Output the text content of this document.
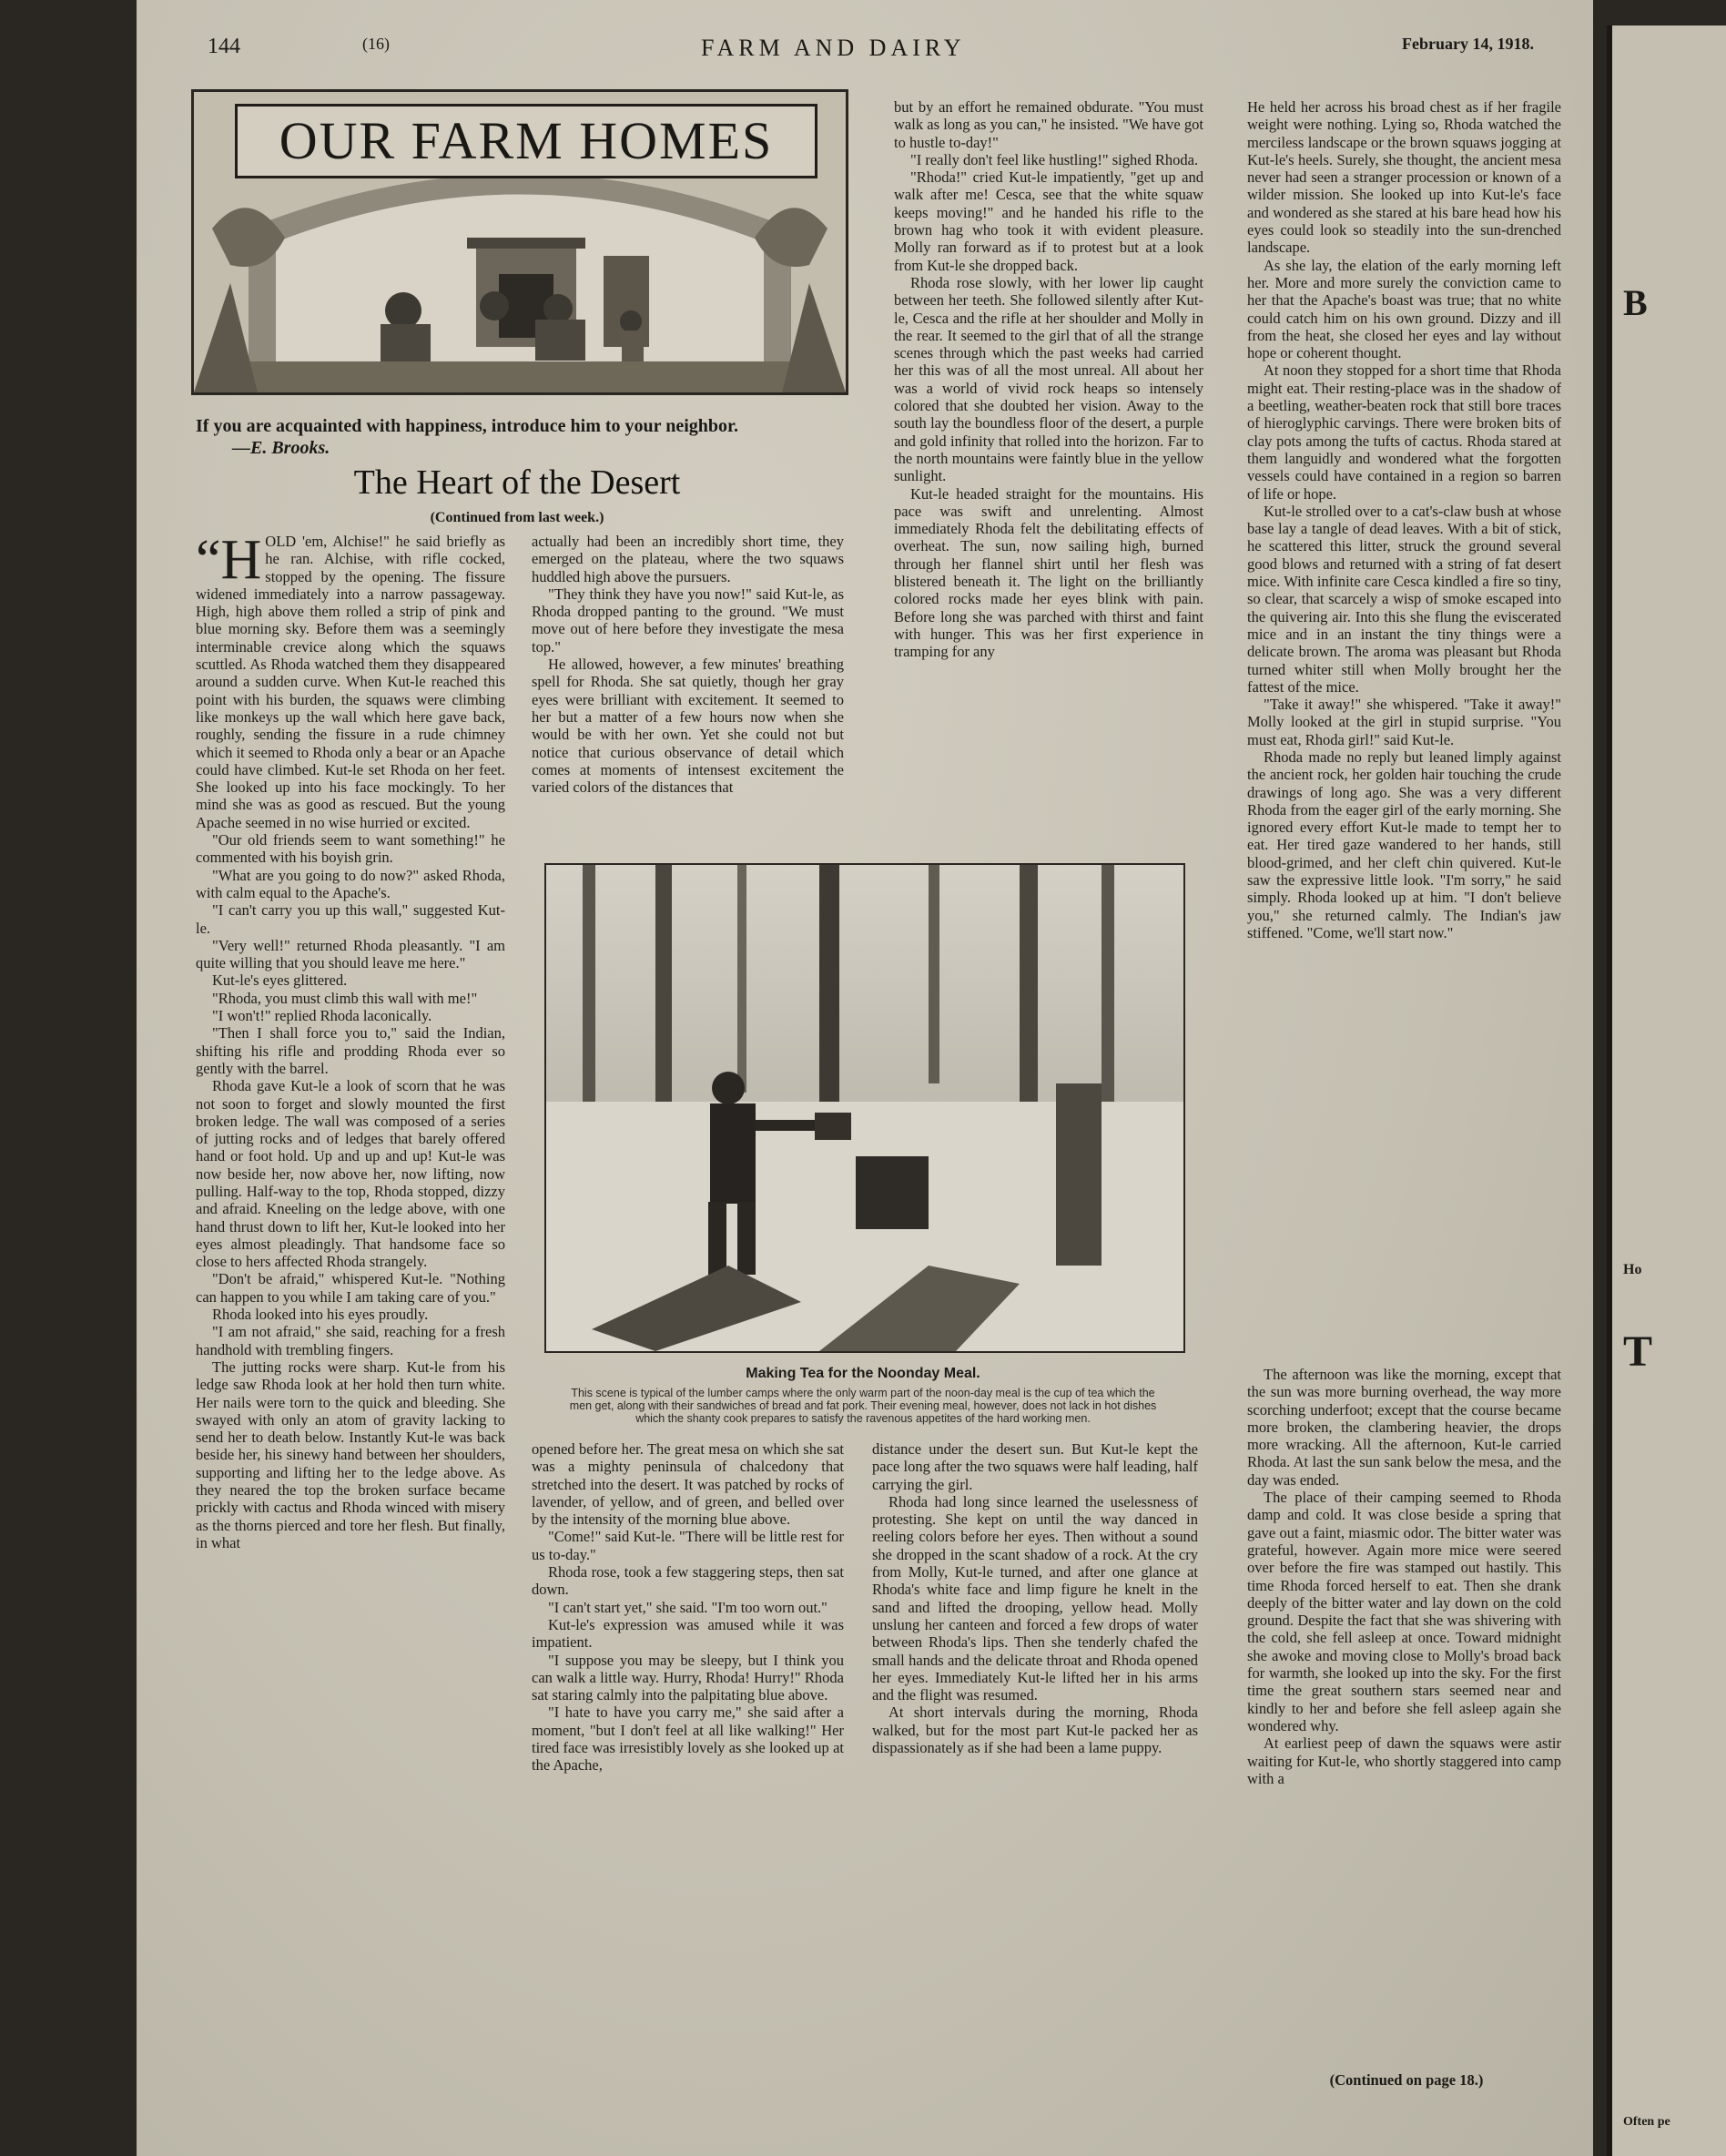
144	(16)	FARM AND DAIRY	February 14, 1918.
OUR FARM HOMES
If you are acquainted with happiness, introduce him to your neighbor.
—E. Brooks.
The Heart of the Desert
(Continued from last week.)

“HOLD 'em, Alchise!" he said briefly as he ran. Alchise, with rifle cocked, stopped by the opening. The fissure widened immediately into a narrow passageway. High, high above them rolled a strip of pink and blue morning sky. Before them was a seemingly interminable crevice along which the squaws scuttled. As Rhoda watched them they disappeared around a sudden curve. When Kut-le reached this point with his burden, the squaws were climbing like monkeys up the wall which here gave back, roughly, sending the fissure in a rude chimney which it seemed to Rhoda only a bear or an Apache could have climbed. Kut-le set Rhoda on her feet. She looked up into his face mockingly. To her mind she was as good as rescued. But the young Apache seemed in no wise hurried or excited.

"Our old friends seem to want something!" he commented with his boyish grin.

"What are you going to do now?" asked Rhoda, with calm equal to the Apache's.

"I can't carry you up this wall," suggested Kut-le.

"Very well!" returned Rhoda pleasantly. "I am quite willing that you should leave me here."

Kut-le's eyes glittered.

"Rhoda, you must climb this wall with me!"

"I won't!" replied Rhoda laconically.

"Then I shall force you to," said the Indian, shifting his rifle and prodding Rhoda ever so gently with the barrel.

Rhoda gave Kut-le a look of scorn that he was not soon to forget and slowly mounted the first broken ledge. The wall was composed of a series of jutting rocks and of ledges that barely offered hand or foot hold. Up and up and up! Kut-le was now beside her, now above her, now lifting, now pulling. Half-way to the top, Rhoda stopped, dizzy and afraid. Kneeling on the ledge above, with one hand thrust down to lift her, Kut-le looked into her eyes almost pleadingly. That handsome face so close to hers affected Rhoda strangely.

"Don't be afraid," whispered Kut-le. "Nothing can happen to you while I am taking care of you."

Rhoda looked into his eyes proudly.

"I am not afraid," she said, reaching for a fresh handhold with trembling fingers.

The jutting rocks were sharp. Kut-le from his ledge saw Rhoda look at her hold then turn white. Her nails were torn to the quick and bleeding. She swayed with only an atom of gravity lacking to send her to death below. Instantly Kut-le was back beside her, his sinewy hand between her shoulders, supporting and lifting her to the ledge above. As they neared the top the broken surface became prickly with cactus and Rhoda winced with misery as the thorns pierced and tore her flesh. But finally, in what

actually had been an incredibly short time, they emerged on the plateau, where the two squaws huddled high above the pursuers.

"They think they have you now!" said Kut-le, as Rhoda dropped panting to the ground. "We must move out of here before they investigate the mesa top."

He allowed, however, a few minutes' breathing spell for Rhoda. She sat quietly, though her gray eyes were brilliant with excitement. It seemed to her but a matter of a few hours now when she would be with her own. Yet she could not but notice that curious observance of detail which comes at moments of intensest excitement the varied colors of the distances that

but by an effort he remained obdurate. "You must walk as long as you can," he insisted. "We have got to hustle to-day!"

"I really don't feel like hustling!" sighed Rhoda.

"Rhoda!" cried Kut-le impatiently, "get up and walk after me! Cesca, see that the white squaw keeps moving!" and he handed his rifle to the brown hag who took it with evident pleasure. Molly ran forward as if to protest but at a look from Kut-le she dropped back.

Rhoda rose slowly, with her lower lip caught between her teeth. She followed silently after Kut-le, Cesca and the rifle at her shoulder and Molly in the rear. It seemed to the girl that of all the strange scenes through which the past weeks had carried her this was of all the most unreal. All about her was a world of vivid rock heaps so intensely colored that she doubted her vision. Away to the south lay the boundless floor of the desert, a purple and gold infinity that rolled into the horizon. Far to the north mountains were faintly blue in the yellow sunlight.

Kut-le headed straight for the mountains. His pace was swift and unrelenting. Almost immediately Rhoda felt the debilitating effects of overheat. The sun, now sailing high, burned through her flannel shirt until her flesh was blistered beneath it. The light on the brilliantly colored rocks made her eyes blink with pain. Before long she was parched with thirst and faint with hunger. This was her first experience in tramping for any

He held her across his broad chest as if her fragile weight were nothing. Lying so, Rhoda watched the merciless landscape or the brown squaws jogging at Kut-le's heels. Surely, she thought, the ancient mesa never had seen a stranger procession or known of a wilder mission. She looked up into Kut-le's face and wondered as she stared at his bare head how his eyes could look so steadily into the sun-drenched landscape.

As she lay, the elation of the early morning left her. More and more surely the conviction came to her that the Apache's boast was true; that no white could catch him on his own ground. Dizzy and ill from the heat, she closed her eyes and lay without hope or coherent thought.

At noon they stopped for a short time that Rhoda might eat. Their resting-place was in the shadow of a beetling, weather-beaten rock that still bore traces of hieroglyphic carvings. There were broken bits of clay pots among the tufts of cactus. Rhoda stared at them languidly and wondered what the forgotten vessels could have contained in a region so barren of life or hope.

Kut-le strolled over to a cat's-claw bush at whose base lay a tangle of dead leaves. With a bit of stick, he scattered this litter, struck the ground several good blows and returned with a string of fat desert mice. With infinite care Cesca kindled a fire so tiny, so clear, that scarcely a wisp of smoke escaped into the quivering air. Into this she flung the eviscerated mice and in an instant the tiny things were a delicate brown. The aroma was pleasant but Rhoda turned whiter still when Molly brought her the fattest of the mice.

"Take it away!" she whispered. "Take it away!" Molly looked at the girl in stupid surprise. "You must eat, Rhoda girl!" said Kut-le.

Rhoda made no reply but leaned limply against the ancient rock, her golden hair touching the crude drawings of long ago. She was a very different Rhoda from the eager girl of the early morning. She ignored every effort Kut-le made to tempt her to eat. Her tired gaze wandered to her hands, still blood-grimed, and her cleft chin quivered. Kut-le saw the expressive little look. "I'm sorry," he said simply. Rhoda looked up at him. "I don't believe you," she returned calmly. The Indian's jaw stiffened. "Come, we'll start now."

The afternoon was like the morning, except that the sun was more burning overhead, the way more scorching underfoot; except that the course became more broken, the clambering heavier, the drops more wracking. All the afternoon, Kut-le carried Rhoda. At last the sun sank below the mesa, and the day was ended.

The place of their camping seemed to Rhoda damp and cold. It was close beside a spring that gave out a faint, miasmic odor. The bitter water was grateful, however. Again more mice were seered over before the fire was stamped out hastily. This time Rhoda forced herself to eat. Then she drank deeply of the bitter water and lay down on the cold ground. Despite the fact that she was shivering with the cold, she fell asleep at once. Toward midnight she awoke and moving close to Molly's broad back for warmth, she looked up into the sky. For the first time the great southern stars seemed near and kindly to her and before she fell asleep again she wondered why.

At earliest peep of dawn the squaws were astir waiting for Kut-le, who shortly staggered into camp with a

Making Tea for the Noonday Meal.
This scene is typical of the lumber camps where the only warm part of the noon-day meal is the cup of tea which the men get, along with their sandwiches of bread and fat pork. Their evening meal, however, does not lack in hot dishes which the shanty cook prepares to satisfy the ravenous appetites of the hard working men.

opened before her. The great mesa on which she sat was a mighty peninsula of chalcedony that stretched into the desert. It was patched by rocks of lavender, of yellow, and of green, and belled over by the intensity of the morning blue above.

"Come!" said Kut-le. "There will be little rest for us to-day."

Rhoda rose, took a few staggering steps, then sat down.

"I can't start yet," she said. "I'm too worn out."

Kut-le's expression was amused while it was impatient.

"I suppose you may be sleepy, but I think you can walk a little way. Hurry, Rhoda! Hurry!" Rhoda sat staring calmly into the palpitating blue above.

"I hate to have you carry me," she said after a moment, "but I don't feel at all like walking!" Her tired face was irresistibly lovely as she looked up at the Apache,

distance under the desert sun. But Kut-le kept the pace long after the two squaws were half leading, half carrying the girl.

Rhoda had long since learned the uselessness of protesting. She kept on until the way danced in reeling colors before her eyes. Then without a sound she dropped in the scant shadow of a rock. At the cry from Molly, Kut-le turned, and after one glance at Rhoda's white face and limp figure he knelt in the sand and lifted the drooping, yellow head. Molly unslung her canteen and forced a few drops of water between Rhoda's lips. Then she tenderly chafed the small hands and the delicate throat and Rhoda opened her eyes. Immediately Kut-le lifted her in his arms and the flight was resumed.

At short intervals during the morning, Rhoda walked, but for the most part Kut-le packed her as dispassionately as if she had been a lame puppy.

(Continued on page 18.)
B
Ho
T
Often pe
